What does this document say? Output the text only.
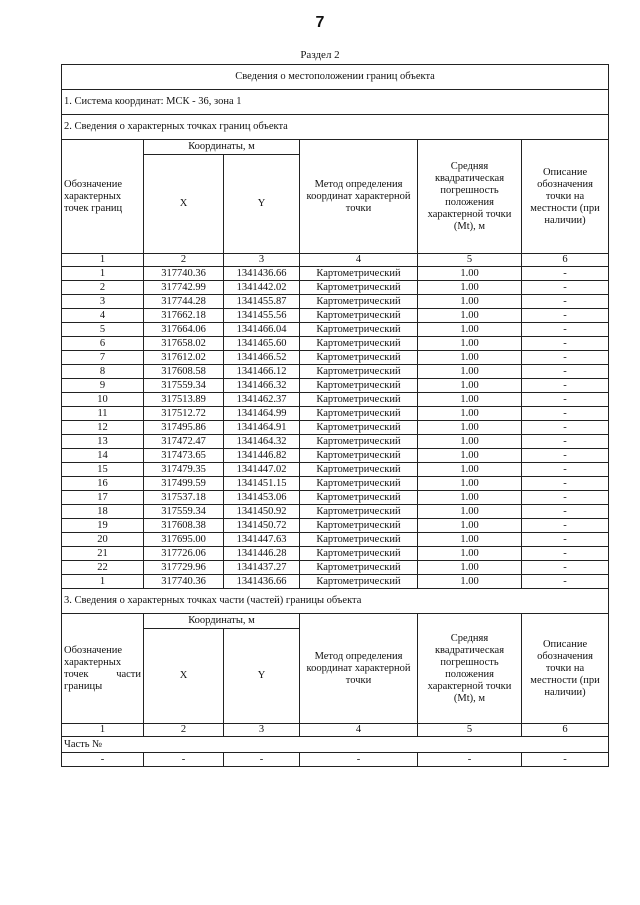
7
Раздел 2
Сведения о местоположении границ объекта					
1. Система координат: МСК - 36, зона 1					
2. Сведения о характерных точках границ объекта					
Обозначение характерных точек границ	Координаты, м		Метод определения координат характерной точки	Средняя квадратическая погрешность положения характерной точки (Mt), м	Описание обозначения точки на местности (при наличии)
	X	Y			
1	2	3	4	5	6
1	317740.36	1341436.66	Картометрический	1.00	-
2	317742.99	1341442.02	Картометрический	1.00	-
3	317744.28	1341455.87	Картометрический	1.00	-
4	317662.18	1341455.56	Картометрический	1.00	-
5	317664.06	1341466.04	Картометрический	1.00	-
6	317658.02	1341465.60	Картометрический	1.00	-
7	317612.02	1341466.52	Картометрический	1.00	-
8	317608.58	1341466.12	Картометрический	1.00	-
9	317559.34	1341466.32	Картометрический	1.00	-
10	317513.89	1341462.37	Картометрический	1.00	-
11	317512.72	1341464.99	Картометрический	1.00	-
12	317495.86	1341464.91	Картометрический	1.00	-
13	317472.47	1341464.32	Картометрический	1.00	-
14	317473.65	1341446.82	Картометрический	1.00	-
15	317479.35	1341447.02	Картометрический	1.00	-
16	317499.59	1341451.15	Картометрический	1.00	-
17	317537.18	1341453.06	Картометрический	1.00	-
18	317559.34	1341450.92	Картометрический	1.00	-
19	317608.38	1341450.72	Картометрический	1.00	-
20	317695.00	1341447.63	Картометрический	1.00	-
21	317726.06	1341446.28	Картометрический	1.00	-
22	317729.96	1341437.27	Картометрический	1.00	-
1	317740.36	1341436.66	Картометрический	1.00	-
3. Сведения о характерных точках части (частей) границы объекта					
Обозначение характерных точек части границы	Координаты, м		Метод определения координат характерной точки	Средняя квадратическая погрешность положения характерной точки (Mt), м	Описание обозначения точки на местности (при наличии)
	X	Y			
1	2	3	4	5	6
Часть №					
-	-	-	-	-	-
